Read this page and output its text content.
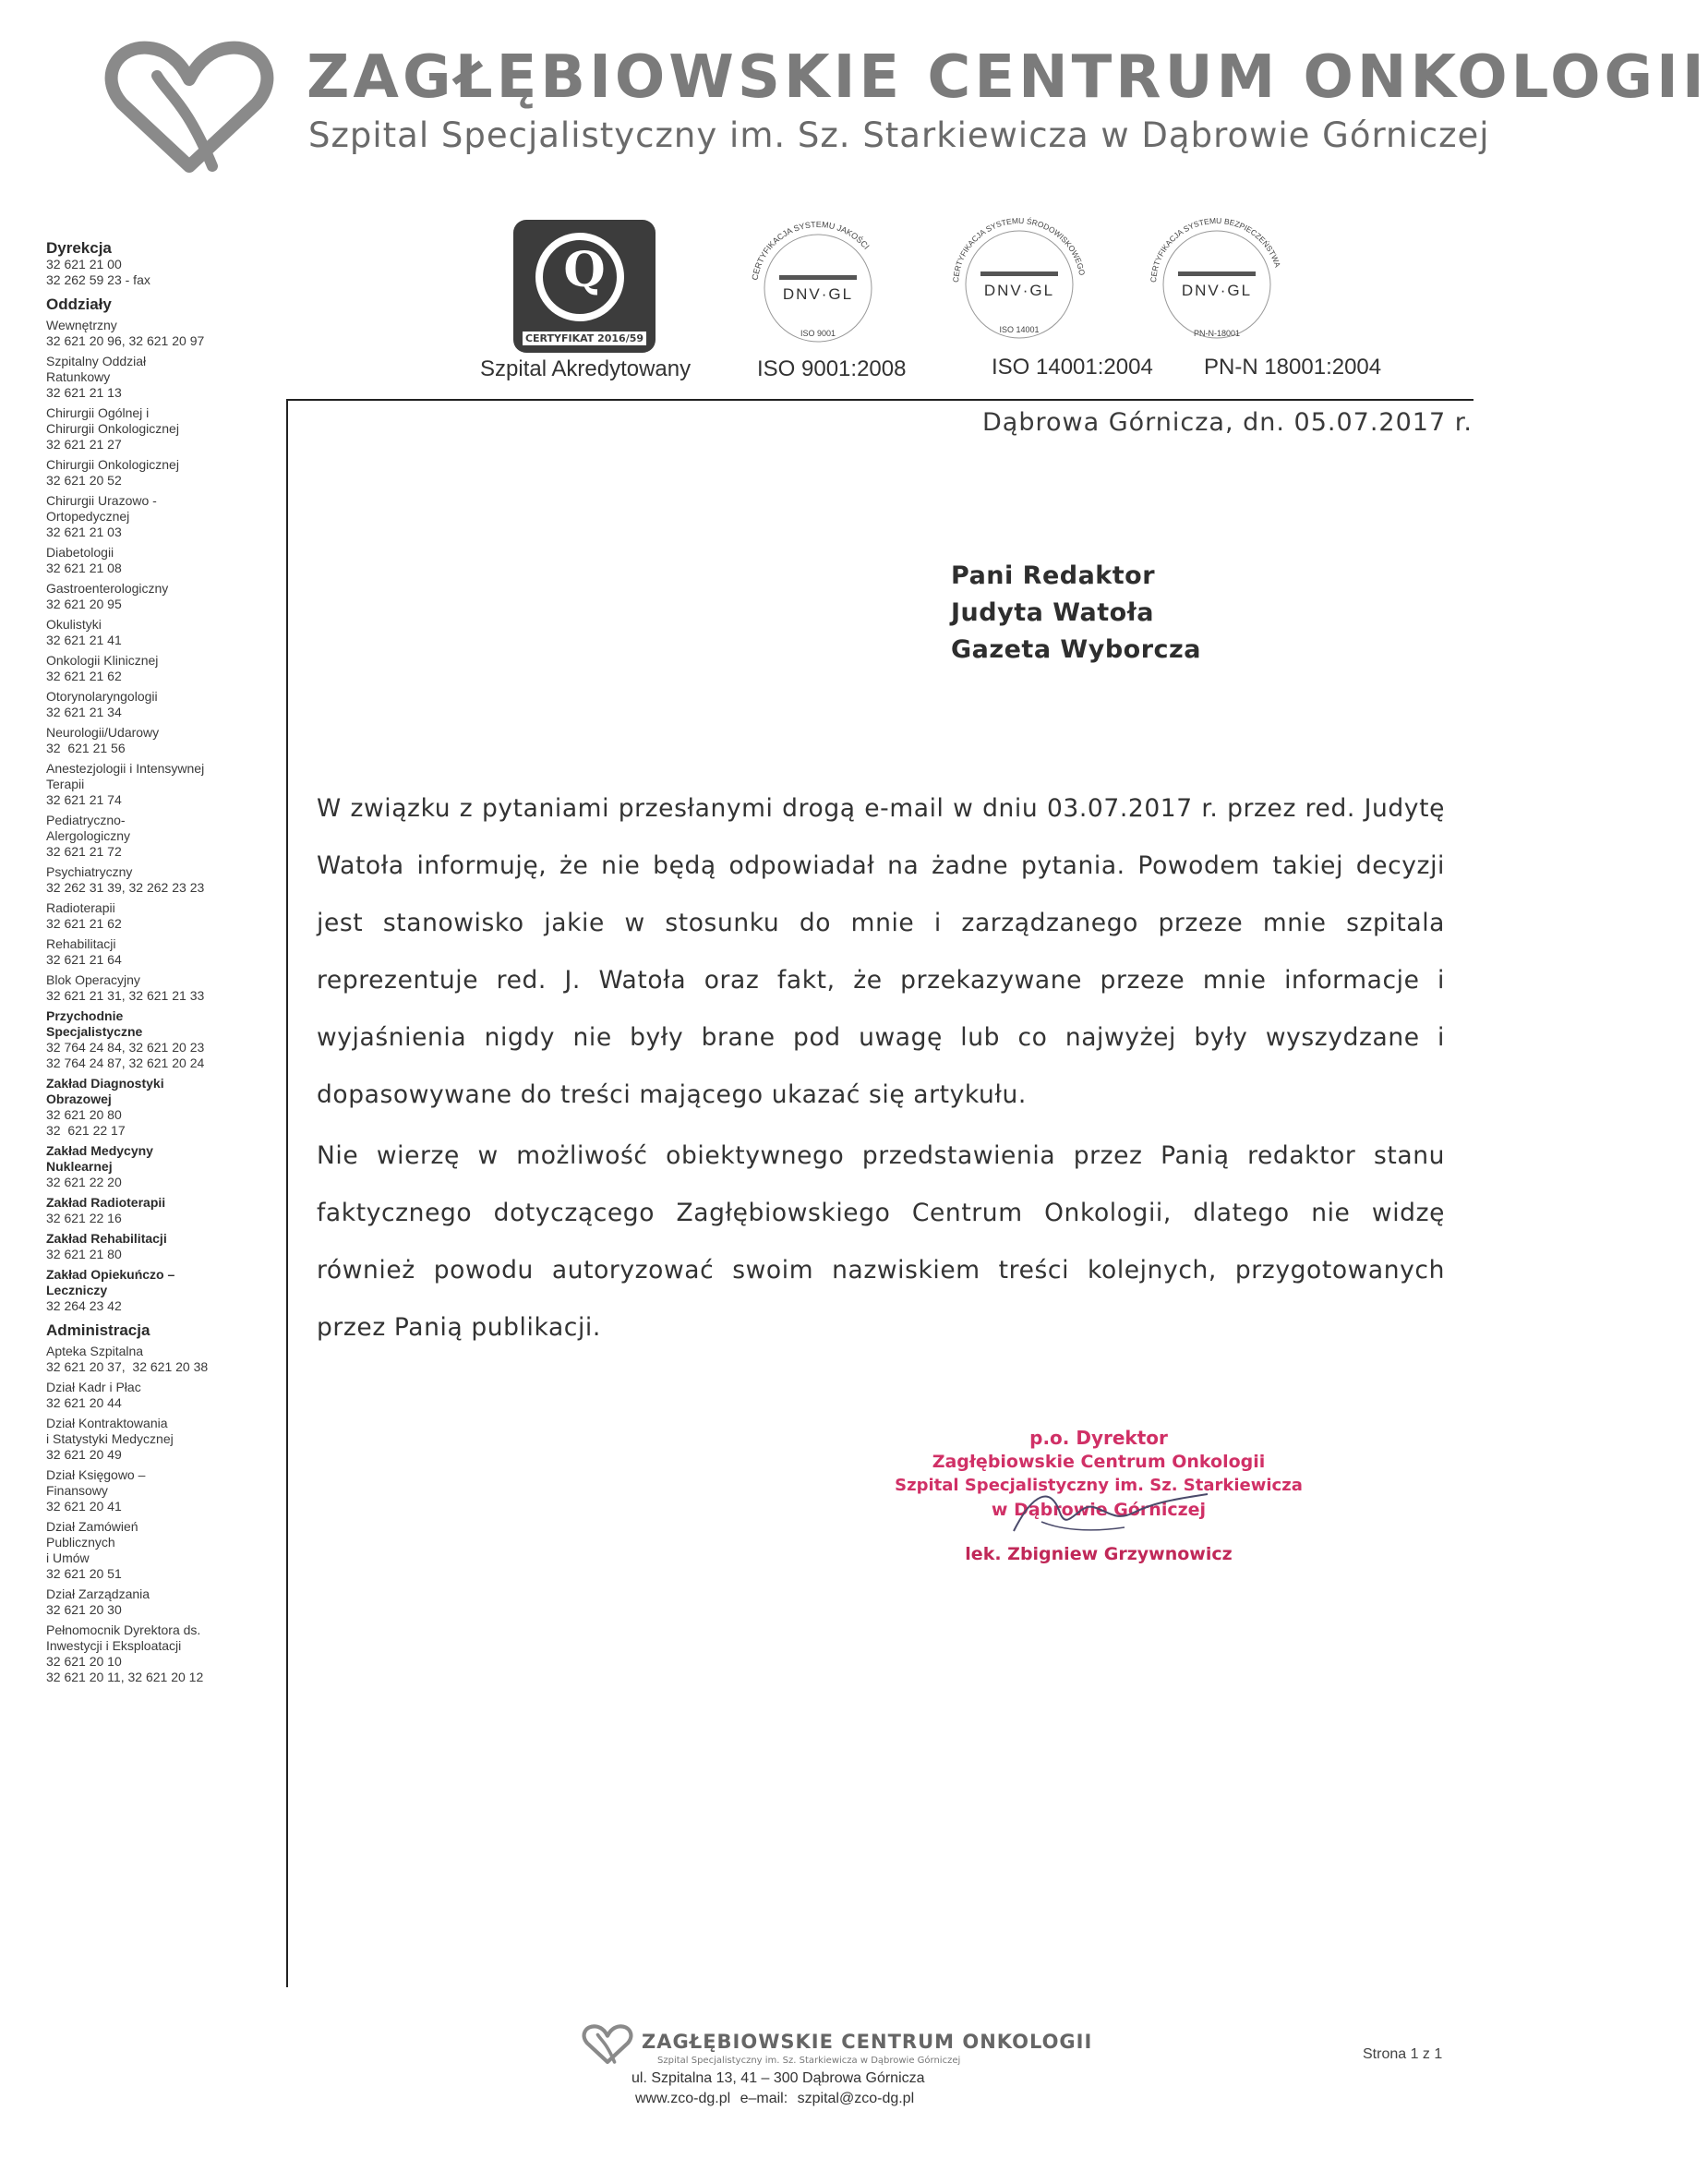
ZAGŁĘBIOWSKIE CENTRUM ONKOLOGII
Szpital Specjalistyczny im. Sz. Starkiewicza w Dąbrowie Górniczej
Q
CERTYFIKAT 2016/59
Szpital Akredytowany
CERTYFIKACJA SYSTEMU JAKOŚCI
DNV·GL
ISO 9001
ISO 9001:2008
CERTYFIKACJA SYSTEMU ŚRODOWISKOWEGO
DNV·GL
ISO 14001
ISO 14001:2004
CERTYFIKACJA SYSTEMU BEZPIECZEŃSTWA
DNV·GL
PN-N-18001
PN-N 18001:2004
Dyrekcja
32 621 21 00
32 262 59 23 - fax
Oddziały
Wewnętrzny
32 621 20 96, 32 621 20 97
Szpitalny Oddział
Ratunkowy
32 621 21 13
Chirurgii Ogólnej i
Chirurgii Onkologicznej
32 621 21 27
Chirurgii Onkologicznej
32 621 20 52
Chirurgii Urazowo -
Ortopedycznej
32 621 21 03
Diabetologii
32 621 21 08
Gastroenterologiczny
32 621 20 95
Okulistyki
32 621 21 41
Onkologii Klinicznej
32 621 21 62
Otorynolaryngologii
32 621 21 34
Neurologii/Udarowy
32  621 21 56
Anestezjologii i Intensywnej
Terapii
32 621 21 74
Pediatryczno-
Alergologiczny
32 621 21 72
Psychiatryczny
32 262 31 39, 32 262 23 23
Radioterapii
32 621 21 62
Rehabilitacji
32 621 21 64
Blok Operacyjny
32 621 21 31, 32 621 21 33
Przychodnie
Specjalistyczne
32 764 24 84, 32 621 20 23
32 764 24 87, 32 621 20 24
Zakład Diagnostyki
Obrazowej
32 621 20 80
32  621 22 17
Zakład Medycyny
Nuklearnej
32 621 22 20
Zakład Radioterapii
32 621 22 16
Zakład Rehabilitacji
32 621 21 80
Zakład Opiekuńczo –
Leczniczy
32 264 23 42
Administracja
Apteka Szpitalna
32 621 20 37,  32 621 20 38
Dział Kadr i Płac
32 621 20 44
Dział Kontraktowania
i Statystyki Medycznej
32 621 20 49
Dział Księgowo –
Finansowy
32 621 20 41
Dział Zamówień
Publicznych
i Umów
32 621 20 51
Dział Zarządzania
32 621 20 30
Pełnomocnik Dyrektora ds.
Inwestycji i Eksploatacji
32 621 20 10
32 621 20 11, 32 621 20 12
Dąbrowa Górnicza, dn. 05.07.2017 r.
Pani Redaktor
Judyta Watoła
Gazeta Wyborcza

W związku z pytaniami przesłanymi drogą e-mail w dniu 03.07.2017 r. przez red. Judytę Watoła informuję, że nie będą odpowiadał na żadne pytania. Powodem takiej decyzji jest stanowisko jakie w stosunku do mnie i zarządzanego przeze mnie szpitala reprezentuje red. J. Watoła oraz fakt, że przekazywane przeze mnie informacje i wyjaśnienia nigdy nie były brane pod uwagę lub co najwyżej były wyszydzane i dopasowywane do treści mającego ukazać się artykułu.

Nie wierzę w możliwość obiektywnego przedstawienia przez Panią redaktor stanu faktycznego dotyczącego Zagłębiowskiego Centrum Onkologii, dlatego nie widzę również powodu autoryzować swoim nazwiskiem treści kolejnych, przygotowanych przez Panią publikacji.

p.o. Dyrektor
Zagłębiowskie Centrum Onkologii
Szpital Specjalistyczny im. Sz. Starkiewicza
w Dąbrowie Górniczej
lek. Zbigniew Grzywnowicz
ZAGŁĘBIOWSKIE CENTRUM ONKOLOGII
Szpital Specjalistyczny im. Sz. Starkiewicza w Dąbrowie Górniczej
ul. Szpitalna 13, 41 – 300 Dąbrowa Górnicza
www.zco-dg.pl e–mail: szpital@zco-dg.pl
Strona 1 z 1
